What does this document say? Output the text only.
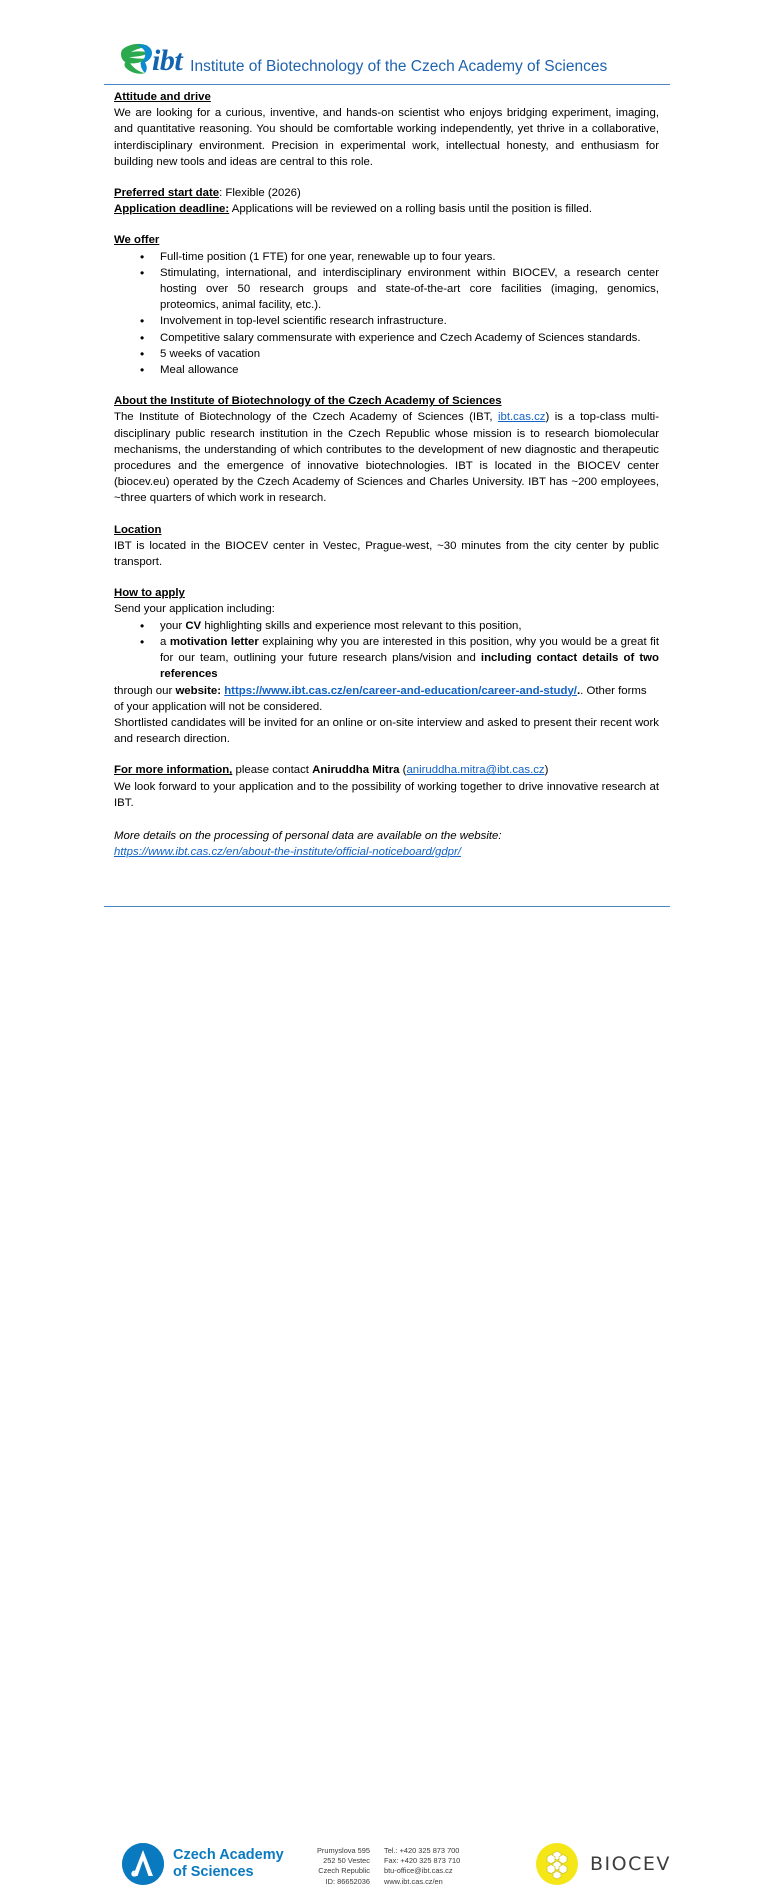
ibt Institute of Biotechnology of the Czech Academy of Sciences

Attitude and drive

We are looking for a curious, inventive, and hands-on scientist who enjoys bridging experiment, imaging, and quantitative reasoning. You should be comfortable working independently, yet thrive in a collaborative, interdisciplinary environment. Precision in experimental work, intellectual honesty, and enthusiasm for building new tools and ideas are central to this role.

Preferred start date: Flexible (2026)

Application deadline: Applications will be reviewed on a rolling basis until the position is filled.

We offer

• Full-time position (1 FTE) for one year, renewable up to four years.
• Stimulating, international, and interdisciplinary environment within BIOCEV, a research center hosting over 50 research groups and state-of-the-art core facilities (imaging, genomics, proteomics, animal facility, etc.).
• Involvement in top-level scientific research infrastructure.
• Competitive salary commensurate with experience and Czech Academy of Sciences standards.
• 5 weeks of vacation
• Meal allowance

About the Institute of Biotechnology of the Czech Academy of Sciences

The Institute of Biotechnology of the Czech Academy of Sciences (IBT, ibt.cas.cz) is a top-class multi-disciplinary public research institution in the Czech Republic whose mission is to research biomolecular mechanisms, the understanding of which contributes to the development of new diagnostic and therapeutic procedures and the emergence of innovative biotechnologies. IBT is located in the BIOCEV center (biocev.eu) operated by the Czech Academy of Sciences and Charles University. IBT has ~200 employees, ~three quarters of which work in research.

Location

IBT is located in the BIOCEV center in Vestec, Prague-west, ~30 minutes from the city center by public transport.

How to apply

Send your application including:

• your CV highlighting skills and experience most relevant to this position,
• a motivation letter explaining why you are interested in this position, why you would be a great fit for our team, outlining your future research plans/vision and including contact details of two references

through our website: https://www.ibt.cas.cz/en/career-and-education/career-and-study/.. Other forms of your application will not be considered.

Shortlisted candidates will be invited for an online or on-site interview and asked to present their recent work and research direction.

For more information, please contact Aniruddha Mitra (aniruddha.mitra@ibt.cas.cz)

We look forward to your application and to the possibility of working together to drive innovative research at IBT.

More details on the processing of personal data are available on the website:

https://www.ibt.cas.cz/en/about-the-institute/official-noticeboard/gdpr/

Czech Academy
of Sciences
Prumyslova 595
252 50 Vestec
Czech Republic
ID: 86652036
Tel.: +420 325 873 700
Fax: +420 325 873 710
btu-office@ibt.cas.cz
www.ibt.cas.cz/en
BIOCEV
